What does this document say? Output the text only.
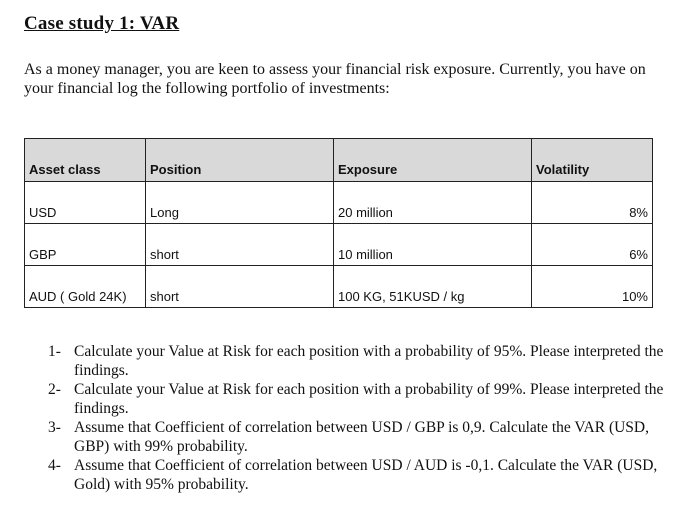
Case study 1: VAR
As a money manager, you are keen to assess your financial risk exposure. Currently, you have on your financial log the following portfolio of investments:
Asset class	Position	Exposure	Volatility
USD	Long	20 million	8%
GBP	short	10 million	6%
AUD ( Gold 24K)	short	100 KG, 51KUSD / kg	10%
1- Calculate your Value at Risk for each position with a probability of 95%. Please interpreted the findings.
2- Calculate your Value at Risk for each position with a probability of 99%. Please interpreted the findings.
3- Assume that Coefficient of correlation between USD / GBP is 0,9. Calculate the VAR (USD, GBP) with 99% probability.
4- Assume that Coefficient of correlation between USD / AUD is -0,1. Calculate the VAR (USD, Gold) with 95% probability.
